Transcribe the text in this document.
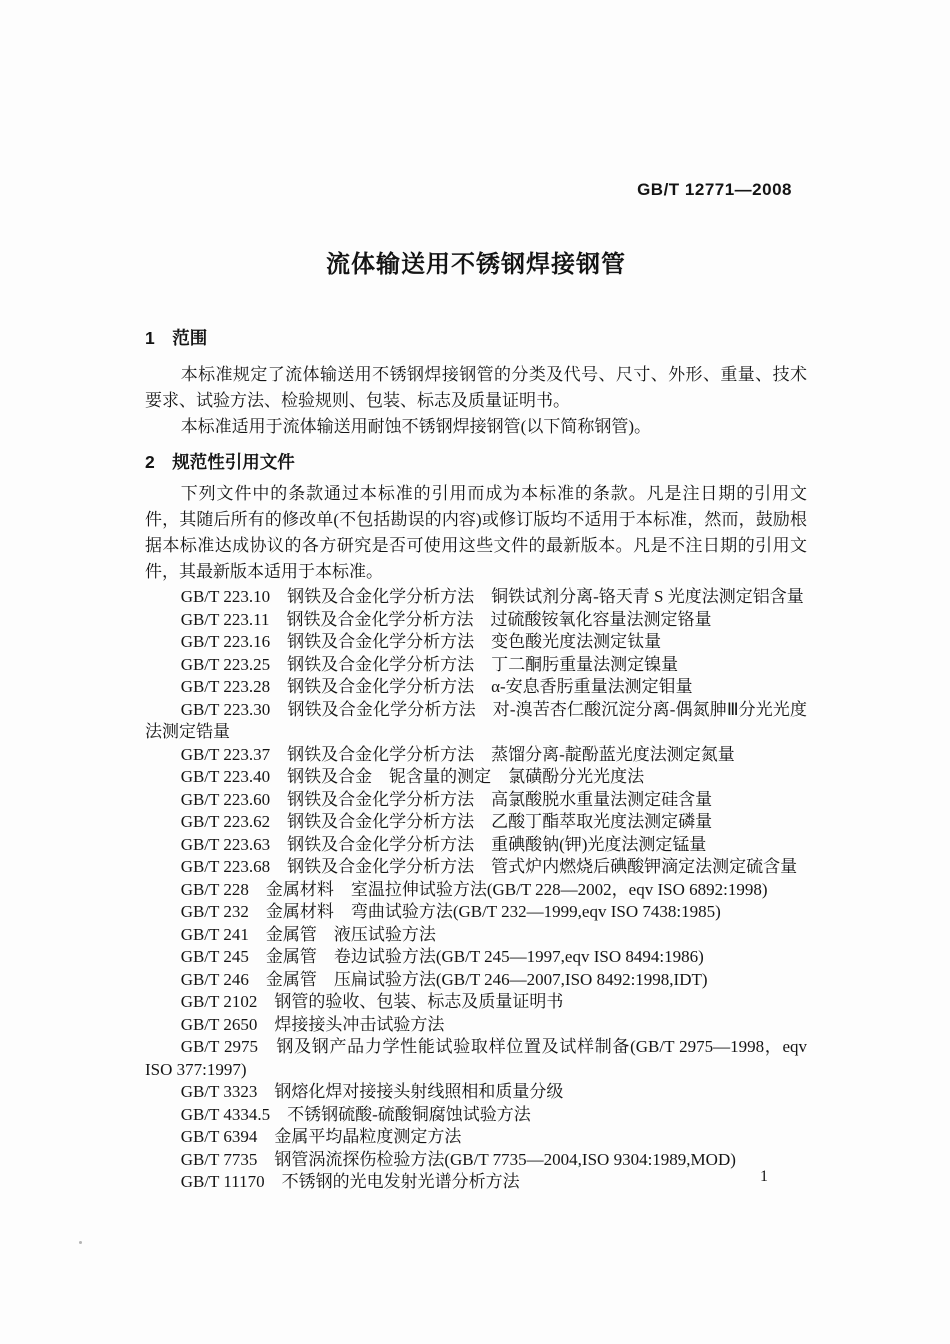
GB/T 12771—2008
流体输送用不锈钢焊接钢管
1　范围

本标准规定了流体输送用不锈钢焊接钢管的分类及代号、尺寸、外形、重量、技术要求、试验方法、检验规则、包装、标志及质量证明书。

本标准适用于流体输送用耐蚀不锈钢焊接钢管(以下简称钢管)。

2　规范性引用文件

下列文件中的条款通过本标准的引用而成为本标准的条款。凡是注日期的引用文件，其随后所有的修改单(不包括勘误的内容)或修订版均不适用于本标准，然而，鼓励根据本标准达成协议的各方研究是否可使用这些文件的最新版本。凡是不注日期的引用文件，其最新版本适用于本标准。

GB/T 223.10　钢铁及合金化学分析方法　铜铁试剂分离-铬天青 S 光度法测定铝含量

GB/T 223.11　钢铁及合金化学分析方法　过硫酸铵氧化容量法测定铬量

GB/T 223.16　钢铁及合金化学分析方法　变色酸光度法测定钛量

GB/T 223.25　钢铁及合金化学分析方法　丁二酮肟重量法测定镍量

GB/T 223.28　钢铁及合金化学分析方法　α-安息香肟重量法测定钼量

GB/T 223.30　钢铁及合金化学分析方法　对-溴苦杏仁酸沉淀分离-偶氮胂Ⅲ分光光度法测定锆量

GB/T 223.37　钢铁及合金化学分析方法　蒸馏分离-靛酚蓝光度法测定氮量

GB/T 223.40　钢铁及合金　铌含量的测定　氯磺酚分光光度法

GB/T 223.60　钢铁及合金化学分析方法　高氯酸脱水重量法测定硅含量

GB/T 223.62　钢铁及合金化学分析方法　乙酸丁酯萃取光度法测定磷量

GB/T 223.63　钢铁及合金化学分析方法　重碘酸钠(钾)光度法测定锰量

GB/T 223.68　钢铁及合金化学分析方法　管式炉内燃烧后碘酸钾滴定法测定硫含量

GB/T 228　金属材料　室温拉伸试验方法(GB/T 228—2002，eqv ISO 6892:1998)

GB/T 232　金属材料　弯曲试验方法(GB/T 232—1999,eqv ISO 7438:1985)

GB/T 241　金属管　液压试验方法

GB/T 245　金属管　卷边试验方法(GB/T 245—1997,eqv ISO 8494:1986)

GB/T 246　金属管　压扁试验方法(GB/T 246—2007,ISO 8492:1998,IDT)

GB/T 2102　钢管的验收、包装、标志及质量证明书

GB/T 2650　焊接接头冲击试验方法

GB/T 2975　钢及钢产品力学性能试验取样位置及试样制备(GB/T 2975—1998，eqv ISO 377:1997)

GB/T 3323　钢熔化焊对接接头射线照相和质量分级

GB/T 4334.5　不锈钢硫酸-硫酸铜腐蚀试验方法

GB/T 6394　金属平均晶粒度测定方法

GB/T 7735　钢管涡流探伤检验方法(GB/T 7735—2004,ISO 9304:1989,MOD)

GB/T 11170　不锈钢的光电发射光谱分析方法	1
